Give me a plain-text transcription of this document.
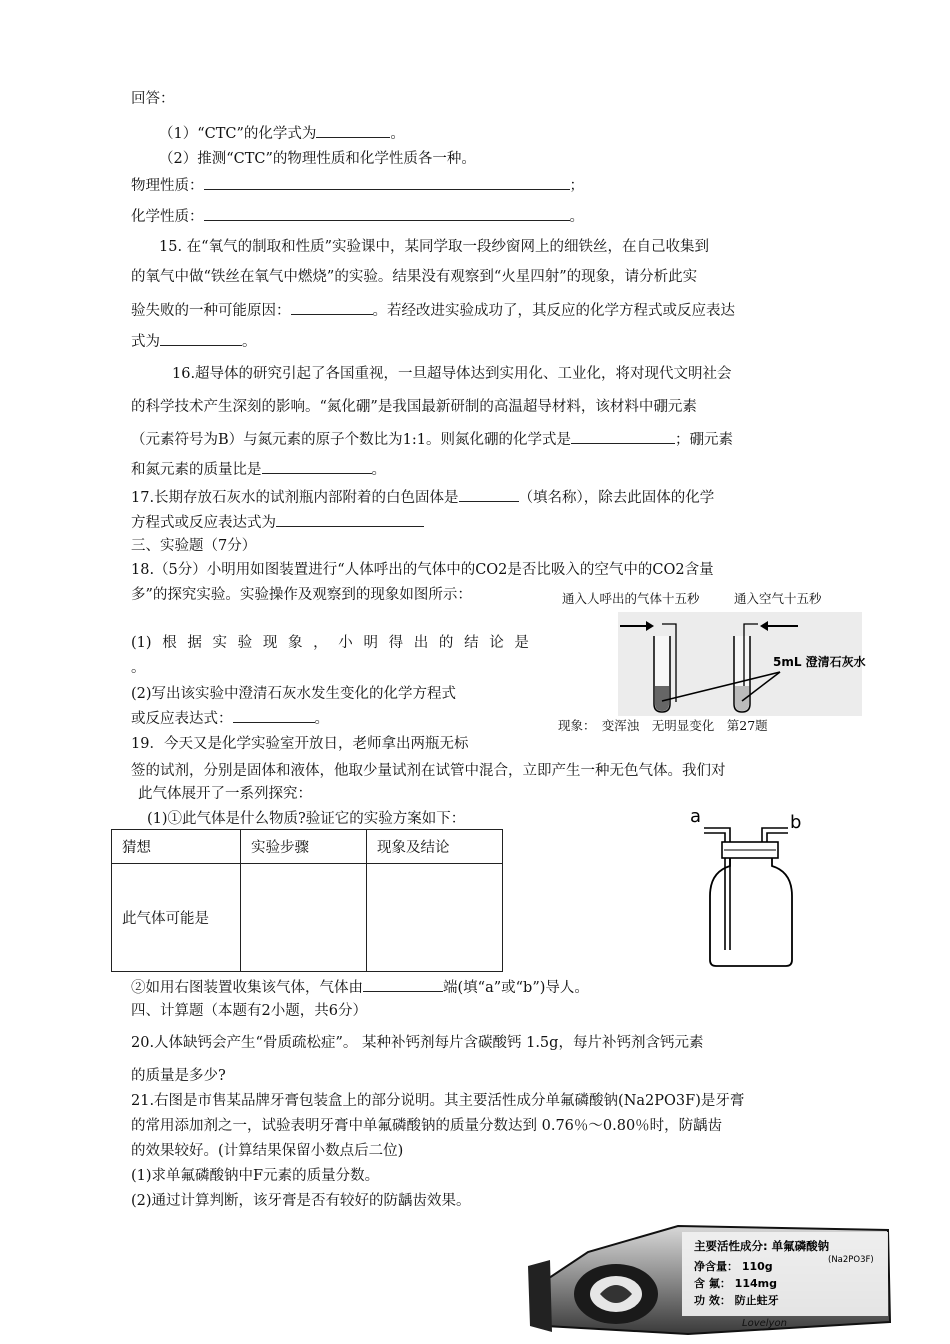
回答：
（1）“CTC”的化学式为	。
（2）推测“CTC”的物理性质和化学性质各一种。
物理性质：	；
化学性质：	。
15. 在“氧气的制取和性质”实验课中，某同学取一段纱窗网上的细铁丝，在自己收集到
的氧气中做“铁丝在氧气中燃烧”的实验。结果没有观察到“火星四射”的现象，请分析此实
验失败的一种可能原因：	。若经改进实验成功了，其反应的化学方程式或反应表达
式为	。
16.超导体的研究引起了各国重视，一旦超导体达到实用化、工业化，将对现代文明社会
的科学技术产生深刻的影响。“氮化硼”是我国最新研制的高温超导材料，该材料中硼元素
（元素符号为B）与氮元素的原子个数比为1:1。则氮化硼的化学式是	；硼元素
和氮元素的质量比是	。
17.长期存放石灰水的试剂瓶内部附着的白色固体是	（填名称），除去此固体的化学
方程式或反应表达式为
三、实验题（7分）
18.（5分）小明用如图装置进行“人体呼出的气体中的CO2是否比吸入的空气中的CO2含量
多”的探究实验。实验操作及观察到的现象如图所示：
(1) 根 据 实 验 现 象 ， 小 明 得 出 的 结 论 是
。
(2)写出该实验中澄清石灰水发生变化的化学方程式
或反应表达式：	。
通入人呼出的气体十五秒	通入空气十五秒
5mL 澄清石灰水
现象：　变浑浊　无明显变化　第27题
19．今天又是化学实验室开放日，老师拿出两瓶无标
签的试剂，分别是固体和液体，他取少量试剂在试管中混合，立即产生一种无色气体。我们对
此气体展开了一系列探究：
(1)①此气体是什么物质?验证它的实验方案如下：
猜想	实验步骤	现象及结论
此气体可能是		
a	b
②如用右图装置收集该气体，气体由	端(填“a”或“b”)导人。
四、计算题（本题有2小题，共6分）
20.人体缺钙会产生“骨质疏松症”。 某种补钙剂每片含碳酸钙 1.5g，每片补钙剂含钙元素
的质量是多少?
21.右图是市售某品牌牙膏包装盒上的部分说明。其主要活性成分单氟磷酸钠(Na2PO3F)是牙膏
的常用添加剂之一，试验表明牙膏中单氟磷酸钠的质量分数达到 0.76％～0.80％时，防龋齿
的效果较好。(计算结果保留小数点后二位)
(1)求单氟磷酸钠中F元素的质量分数。
(2)通过计算判断，该牙膏是否有较好的防龋齿效果。
主要活性成分: 单氟磷酸钠
(Na2PO3F)
净含量： 110g
含 氟： 114mg
功 效： 防止蛀牙
Lovelyon
